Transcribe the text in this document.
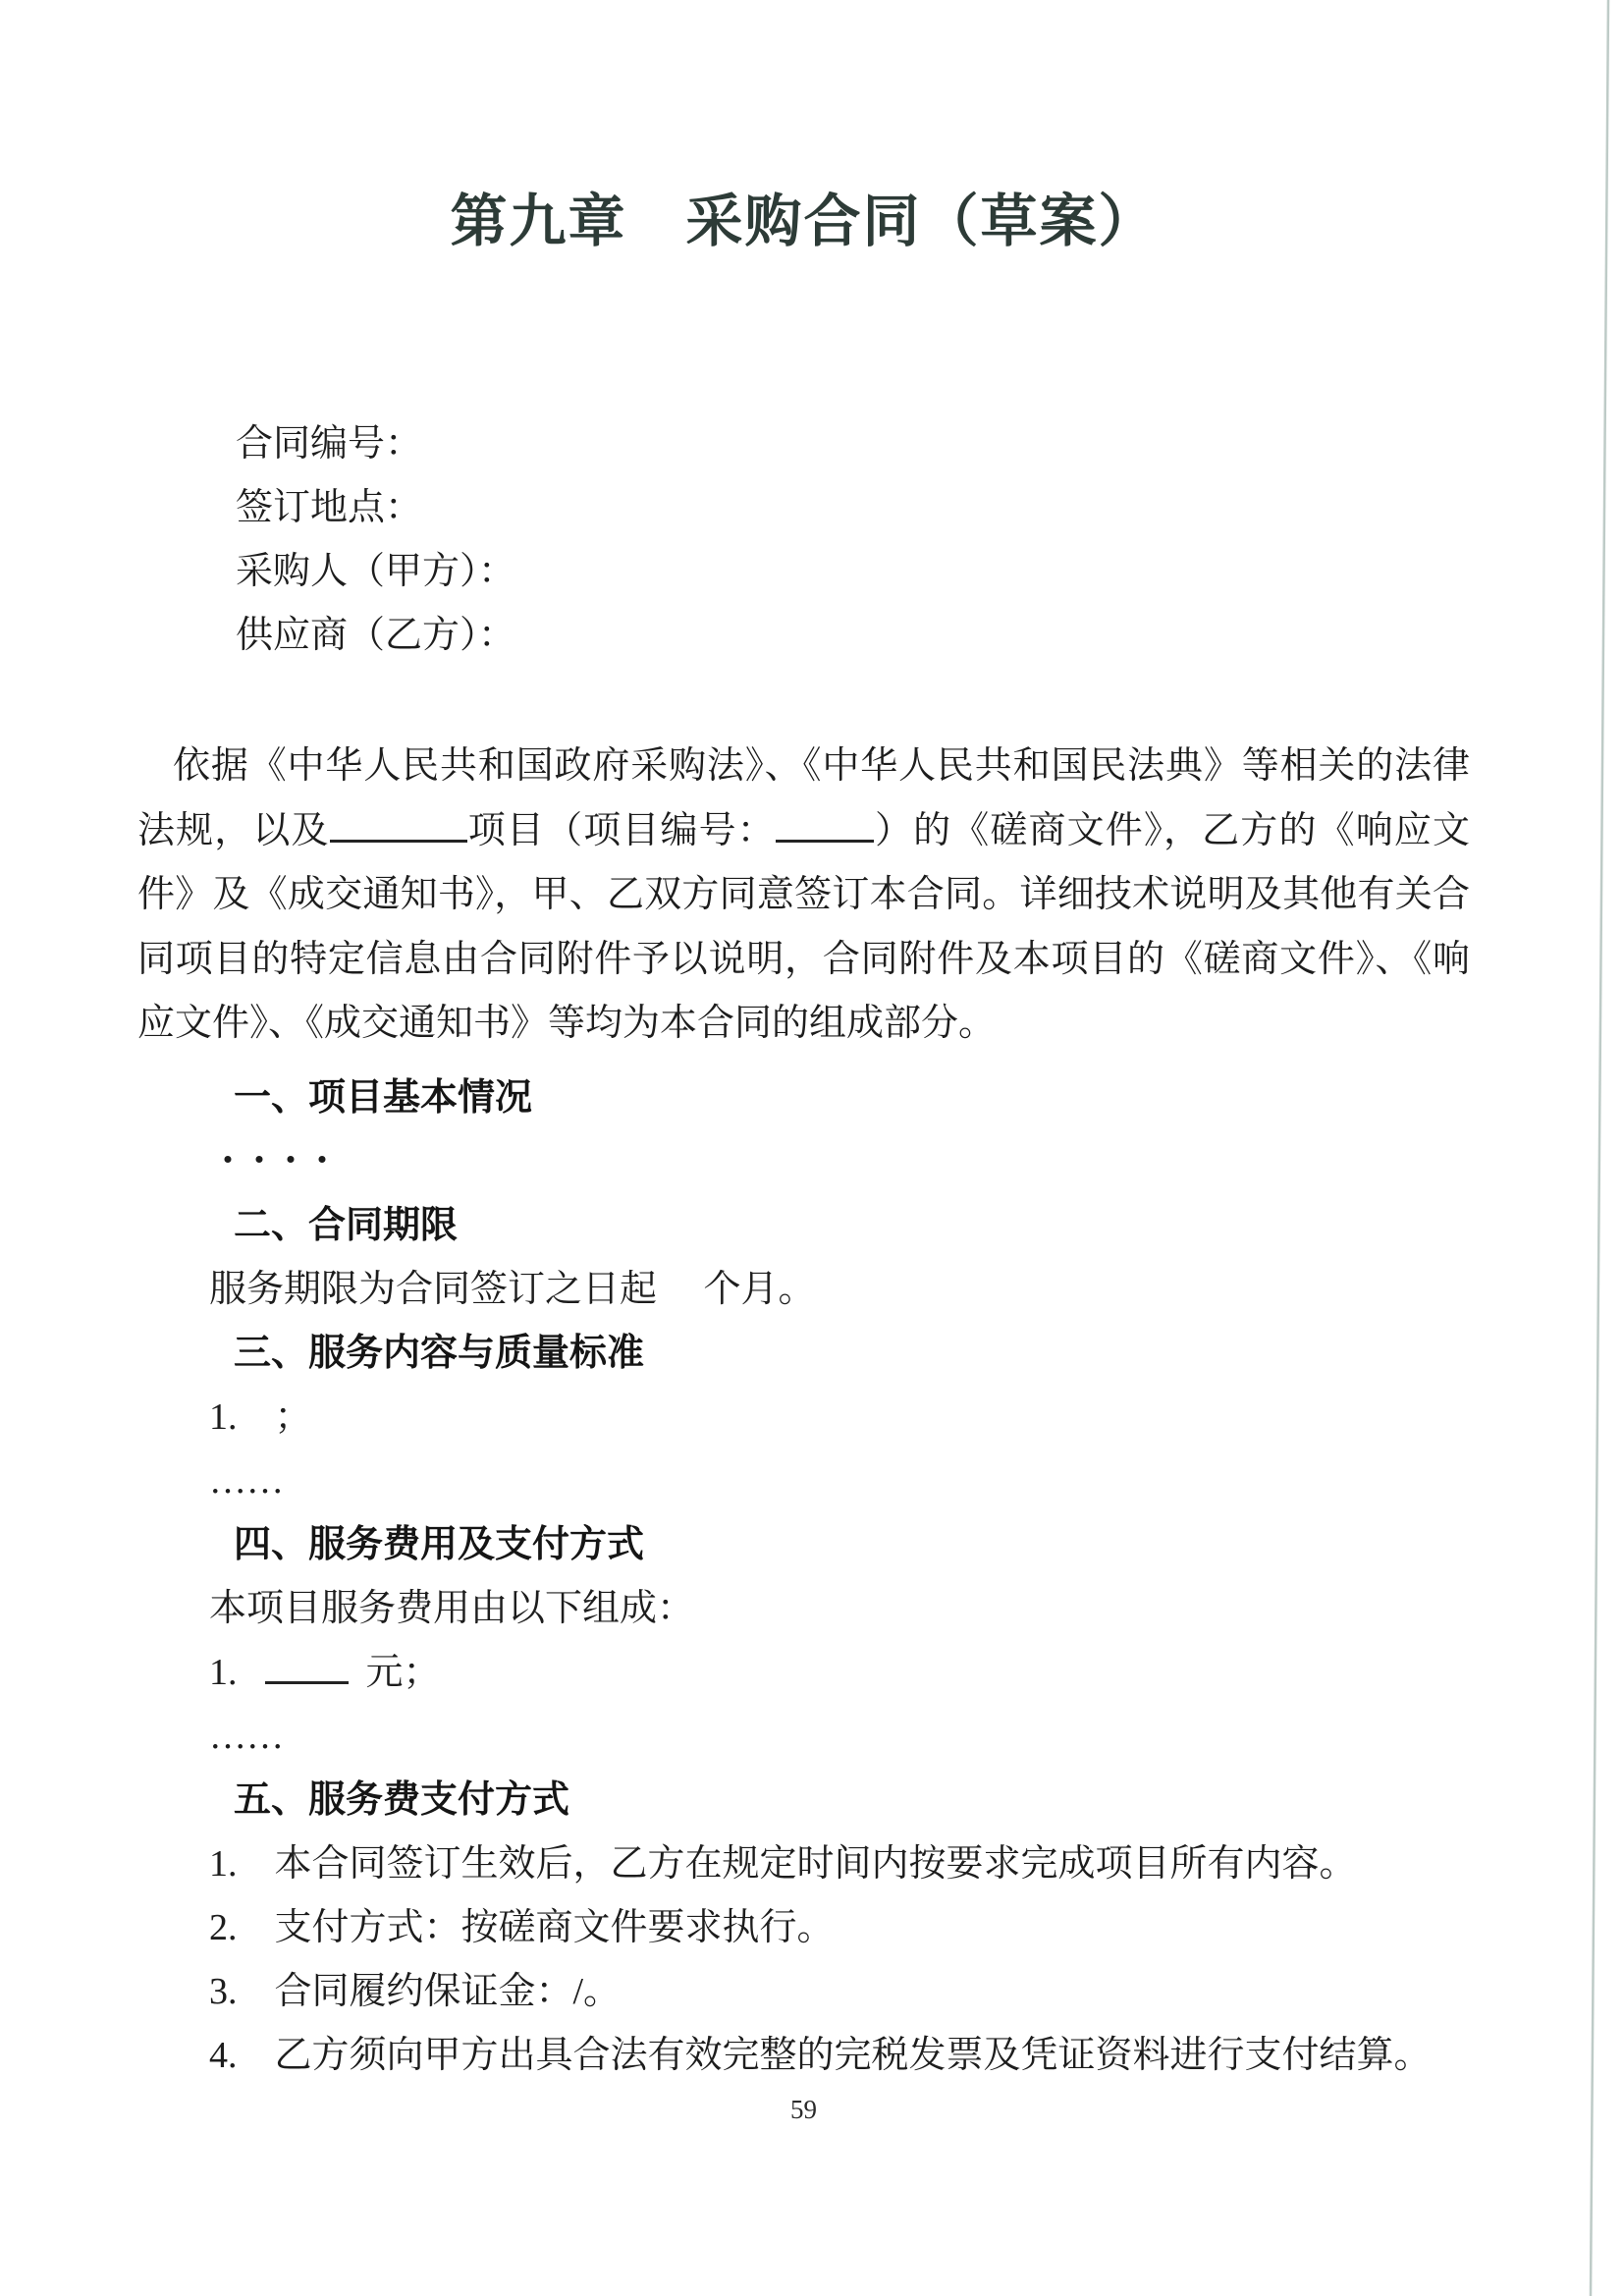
第九章　采购合同（草案）

合同编号：

签订地点：

采购人（甲方）：

供应商（乙方）：

依据《中华人民共和国政府采购法》、《中华人民共和国民法典》等相关的法律法规，以及	项目（项目编号：	）的《磋商文件》，乙方的《响应文件》及《成交通知书》，甲、乙双方同意签订本合同。详细技术说明及其他有关合同项目的特定信息由合同附件予以说明，合同附件及本项目的《磋商文件》、《响应文件》、《成交通知书》等均为本合同的组成部分。

一、项目基本情况

・・・・

二、合同期限

服务期限为合同签订之日起　 个月。

三、服务内容与质量标准

1.　；

……

四、服务费用及支付方式

本项目服务费用由以下组成：

1.	元；

……

五、服务费支付方式

1.　本合同签订生效后，乙方在规定时间内按要求完成项目所有内容。

2.　支付方式：按磋商文件要求执行。

3.　合同履约保证金：/。

4.　乙方须向甲方出具合法有效完整的完税发票及凭证资料进行支付结算。

59
